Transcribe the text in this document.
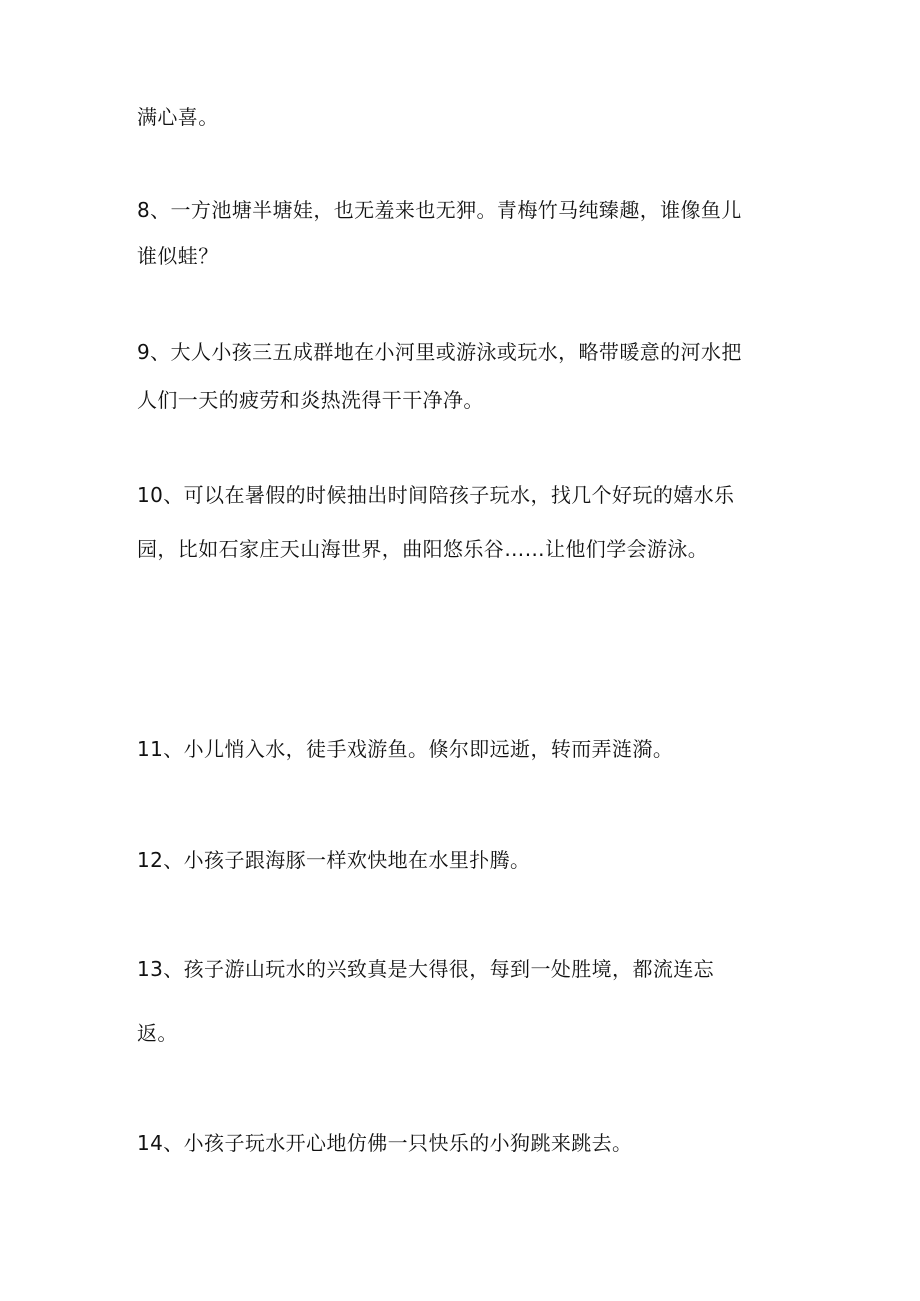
满心喜。
8、一方池塘半塘娃，也无羞来也无狎。青梅竹马纯臻趣，谁像鱼儿
谁似蛙？
9、大人小孩三五成群地在小河里或游泳或玩水，略带暖意的河水把
人们一天的疲劳和炎热洗得干干净净。
10、可以在暑假的时候抽出时间陪孩子玩水，找几个好玩的嬉水乐
园，比如石家庄天山海世界，曲阳悠乐谷……让他们学会游泳。
11、小儿悄入水，徒手戏游鱼。倏尔即远逝，转而弄涟漪。
12、小孩子跟海豚一样欢快地在水里扑腾。
13、孩子游山玩水的兴致真是大得很，每到一处胜境，都流连忘
返。
14、小孩子玩水开心地仿佛一只快乐的小狗跳来跳去。
